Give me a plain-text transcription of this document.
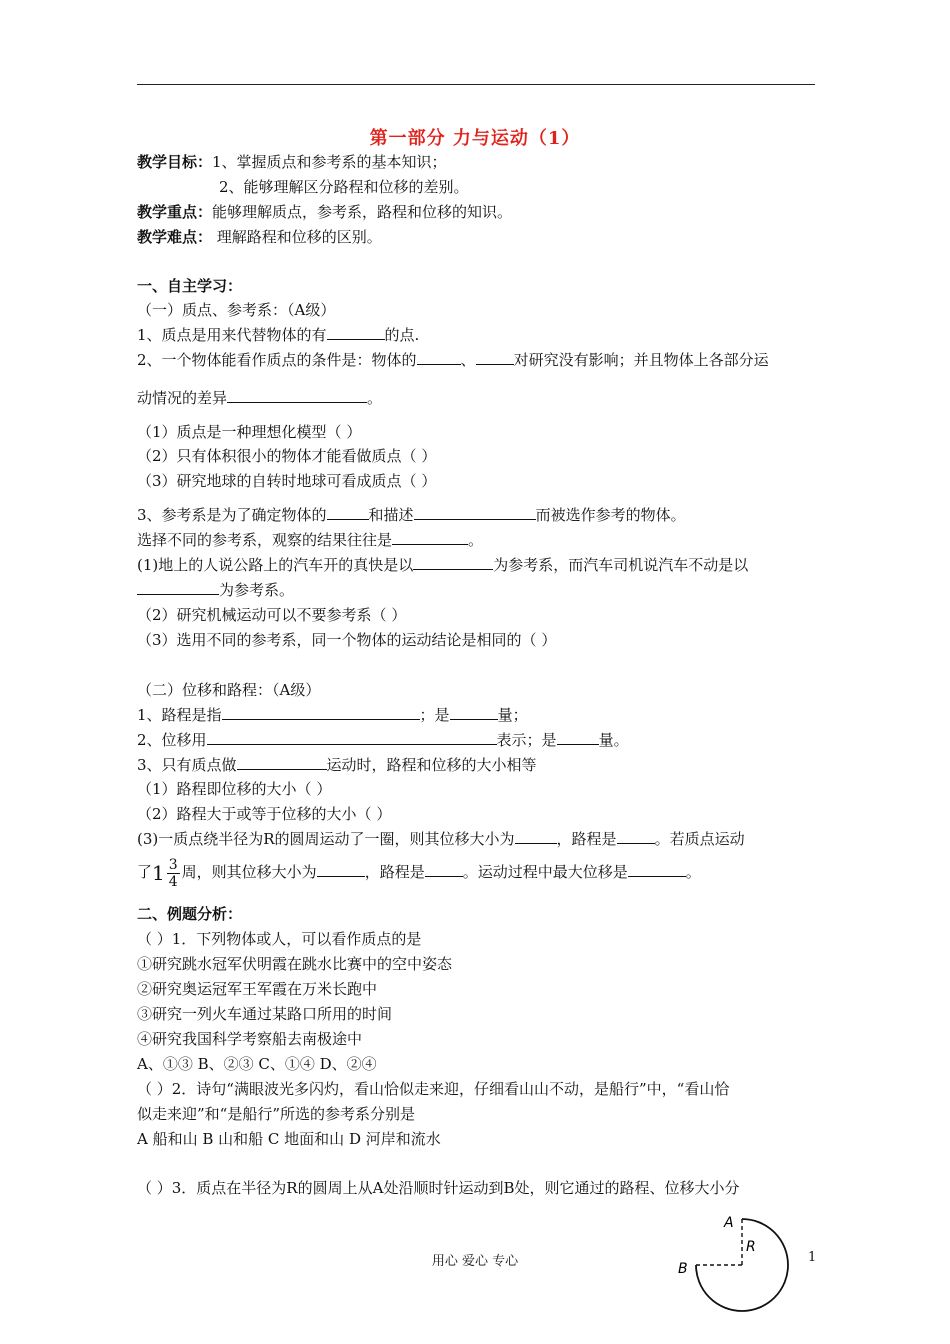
第一部分 力与运动（1）
教学目标：1、掌握质点和参考系的基本知识；
2、能够理解区分路程和位移的差别。
教学重点：能够理解质点，参考系，路程和位移的知识。
教学难点： 理解路程和位移的区别。
一、自主学习：
（一）质点、参考系：（A级）
1、质点是用来代替物体的有	的点.
2、一个物体能看作质点的条件是：物体的	、	对研究没有影响；并且物体上各部分运
动情况的差异	。
（1）质点是一种理想化模型（ ）
（2）只有体积很小的物体才能看做质点（ ）
（3）研究地球的自转时地球可看成质点（ ）
3、参考系是为了确定物体的	和描述	而被选作参考的物体。
选择不同的参考系，观察的结果往往是	。
(1)地上的人说公路上的汽车开的真快是以	为参考系，而汽车司机说汽车不动是以
为参考系。
（2）研究机械运动可以不要参考系（ ）
（3）选用不同的参考系，同一个物体的运动结论是相同的（ ）
（二）位移和路程：（A级）
1、路程是指	；是	量；
2、位移用	表示；是	量。
3、只有质点做	运动时，路程和位移的大小相等
（1）路程即位移的大小（ ）
（2）路程大于或等于位移的大小（ ）
(3)一质点绕半径为R的圆周运动了一圈，则其位移大小为	，路程是	。若质点运动
了$1 \frac{3}{4}$ 周，则其位移大小为	，路程是	。运动过程中最大位移是	。
二、例题分析：
（ ）1．下列物体或人，可以看作质点的是
①研究跳水冠军伏明霞在跳水比赛中的空中姿态
②研究奥运冠军王军霞在万米长跑中
③研究一列火车通过某路口所用的时间
④研究我国科学考察船去南极途中
A、①③ B、②③ C、①④ D、②④
（ ）2．诗句“满眼波光多闪灼，看山恰似走来迎，仔细看山山不动，是船行”中，“看山恰
似走来迎”和“是船行”所选的参考系分别是
A 船和山 B 山和船 C 地面和山 D 河岸和流水
（ ）3．质点在半径为R的圆周上从A处沿顺时针运动到B处，则它通过的路程、位移大小分
A
B
R
用心 爱心 专心	1
